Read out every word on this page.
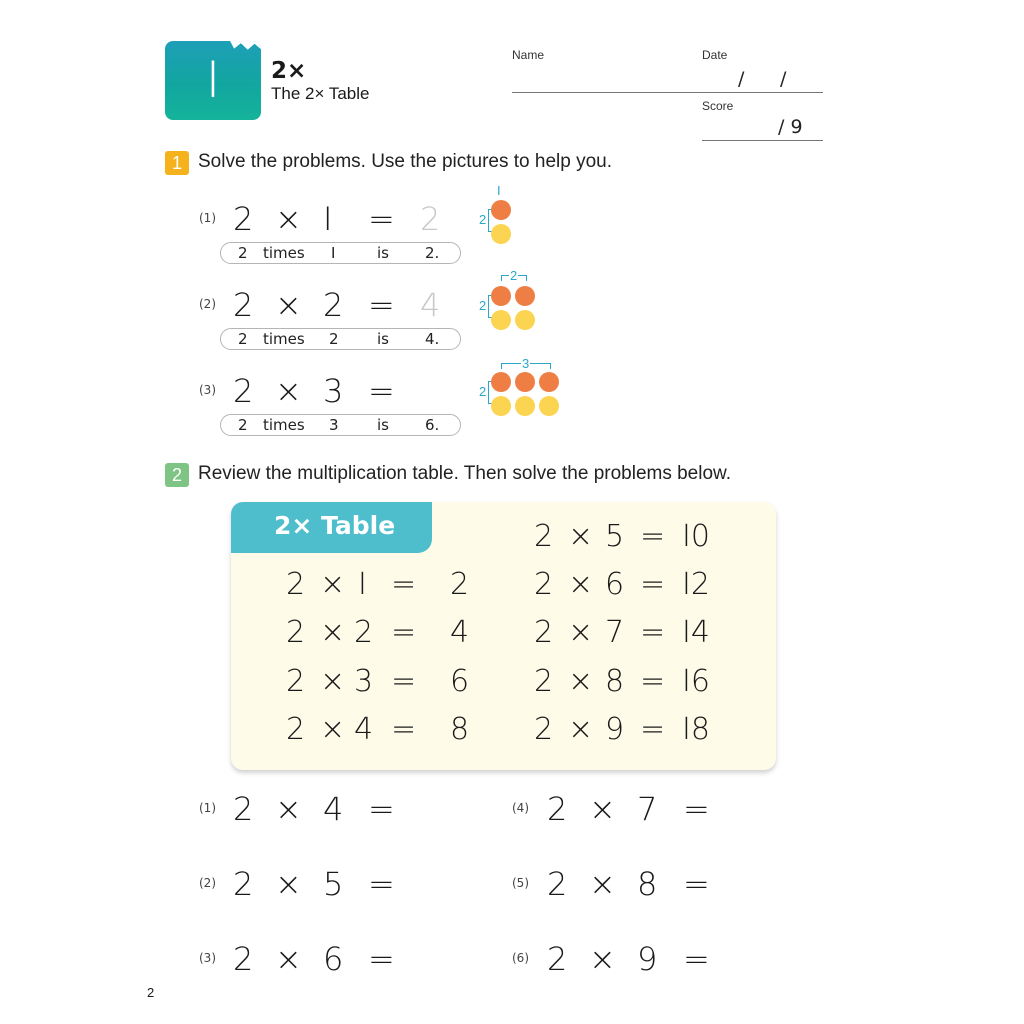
I	2×
The 2× Table
Name	Date
/ /
Score
/ 9
1 Solve the problems. Use the pictures to help you.
(1) 2 × I = 2
2 times I	is 2.
I
2
(2) 2 × 2 = 4
2 times 2	is 4.
2
2
(3) 2 × 3 =
2 times 3	is 6.
3
2
2 Review the multiplication table. Then solve the problems below.
2× Table
2 × I = 2
2 × 2 = 4
2 × 3 = 6
2 × 4 = 8
2 × 5 = I0
2 × 6 = I2
2 × 7 = I4
2 × 8 = I6
2 × 9 = I8
(1) 2 × 4 =
(2) 2 × 5 =
(3) 2 × 6 =
(4) 2 × 7 =
(5) 2 × 8 =
(6) 2 × 9 =
2
